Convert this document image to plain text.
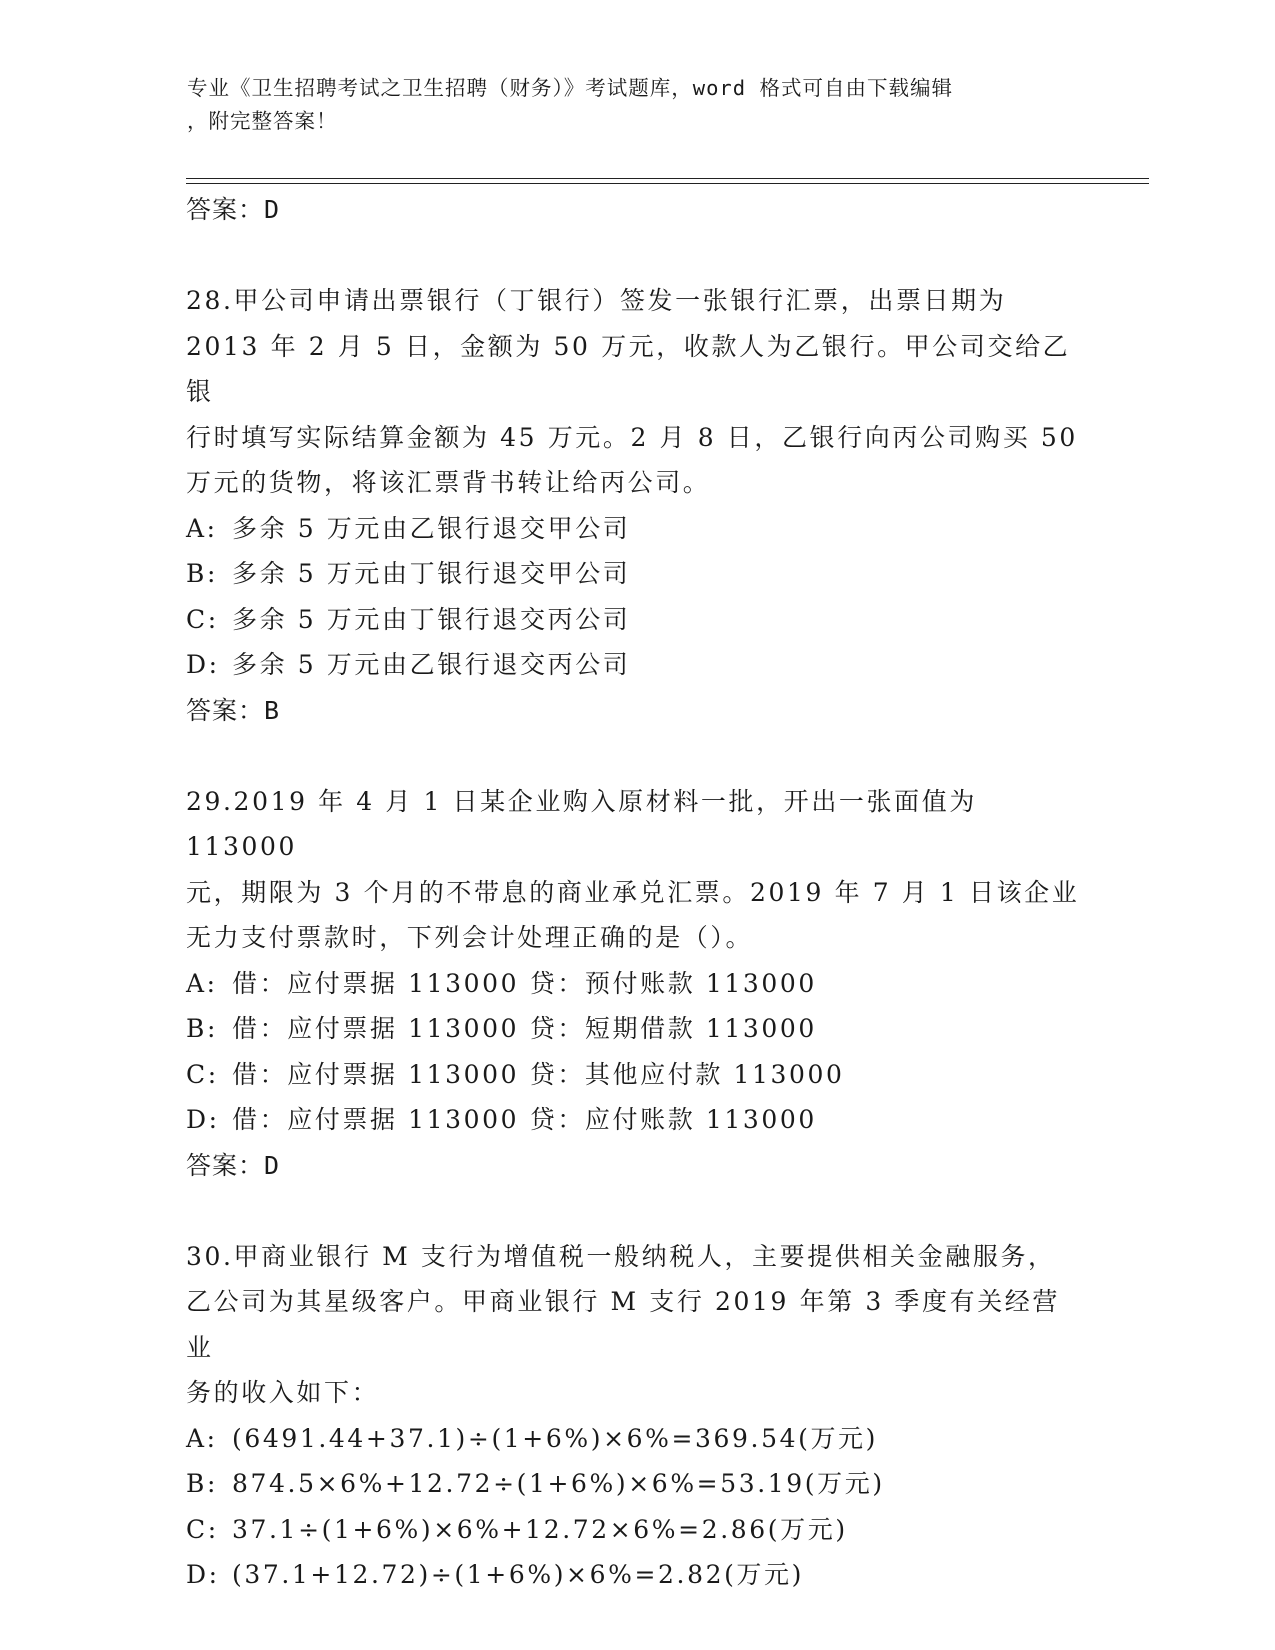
专业《卫生招聘考试之卫生招聘（财务）》考试题库，word 格式可自由下载编辑
，附完整答案！
答案：D
28.甲公司申请出票银行（丁银行）签发一张银行汇票，出票日期为
2013 年 2 月 5 日，金额为 50 万元，收款人为乙银行。甲公司交给乙银
行时填写实际结算金额为 45 万元。2 月 8 日，乙银行向丙公司购买 50
万元的货物，将该汇票背书转让给丙公司。
A: 多余 5 万元由乙银行退交甲公司
B: 多余 5 万元由丁银行退交甲公司
C: 多余 5 万元由丁银行退交丙公司
D: 多余 5 万元由乙银行退交丙公司
答案：B
29.2019 年 4 月 1 日某企业购入原材料一批，开出一张面值为 113000
元，期限为 3 个月的不带息的商业承兑汇票。2019 年 7 月 1 日该企业
无力支付票款时，下列会计处理正确的是（）。
A: 借：应付票据 113000 贷：预付账款 113000
B: 借：应付票据 113000 贷：短期借款 113000
C: 借：应付票据 113000 贷：其他应付款 113000
D: 借：应付票据 113000 贷：应付账款 113000
答案：D
30.甲商业银行 M 支行为增值税一般纳税人，主要提供相关金融服务，
乙公司为其星级客户。甲商业银行 M 支行 2019 年第 3 季度有关经营业
务的收入如下：
A: (6491.44+37.1)÷(1+6%)×6%=369.54(万元)
B: 874.5×6%+12.72÷(1+6%)×6%=53.19(万元)
C: 37.1÷(1+6%)×6%+12.72×6%=2.86(万元)
D: (37.1+12.72)÷(1+6%)×6%=2.82(万元)
